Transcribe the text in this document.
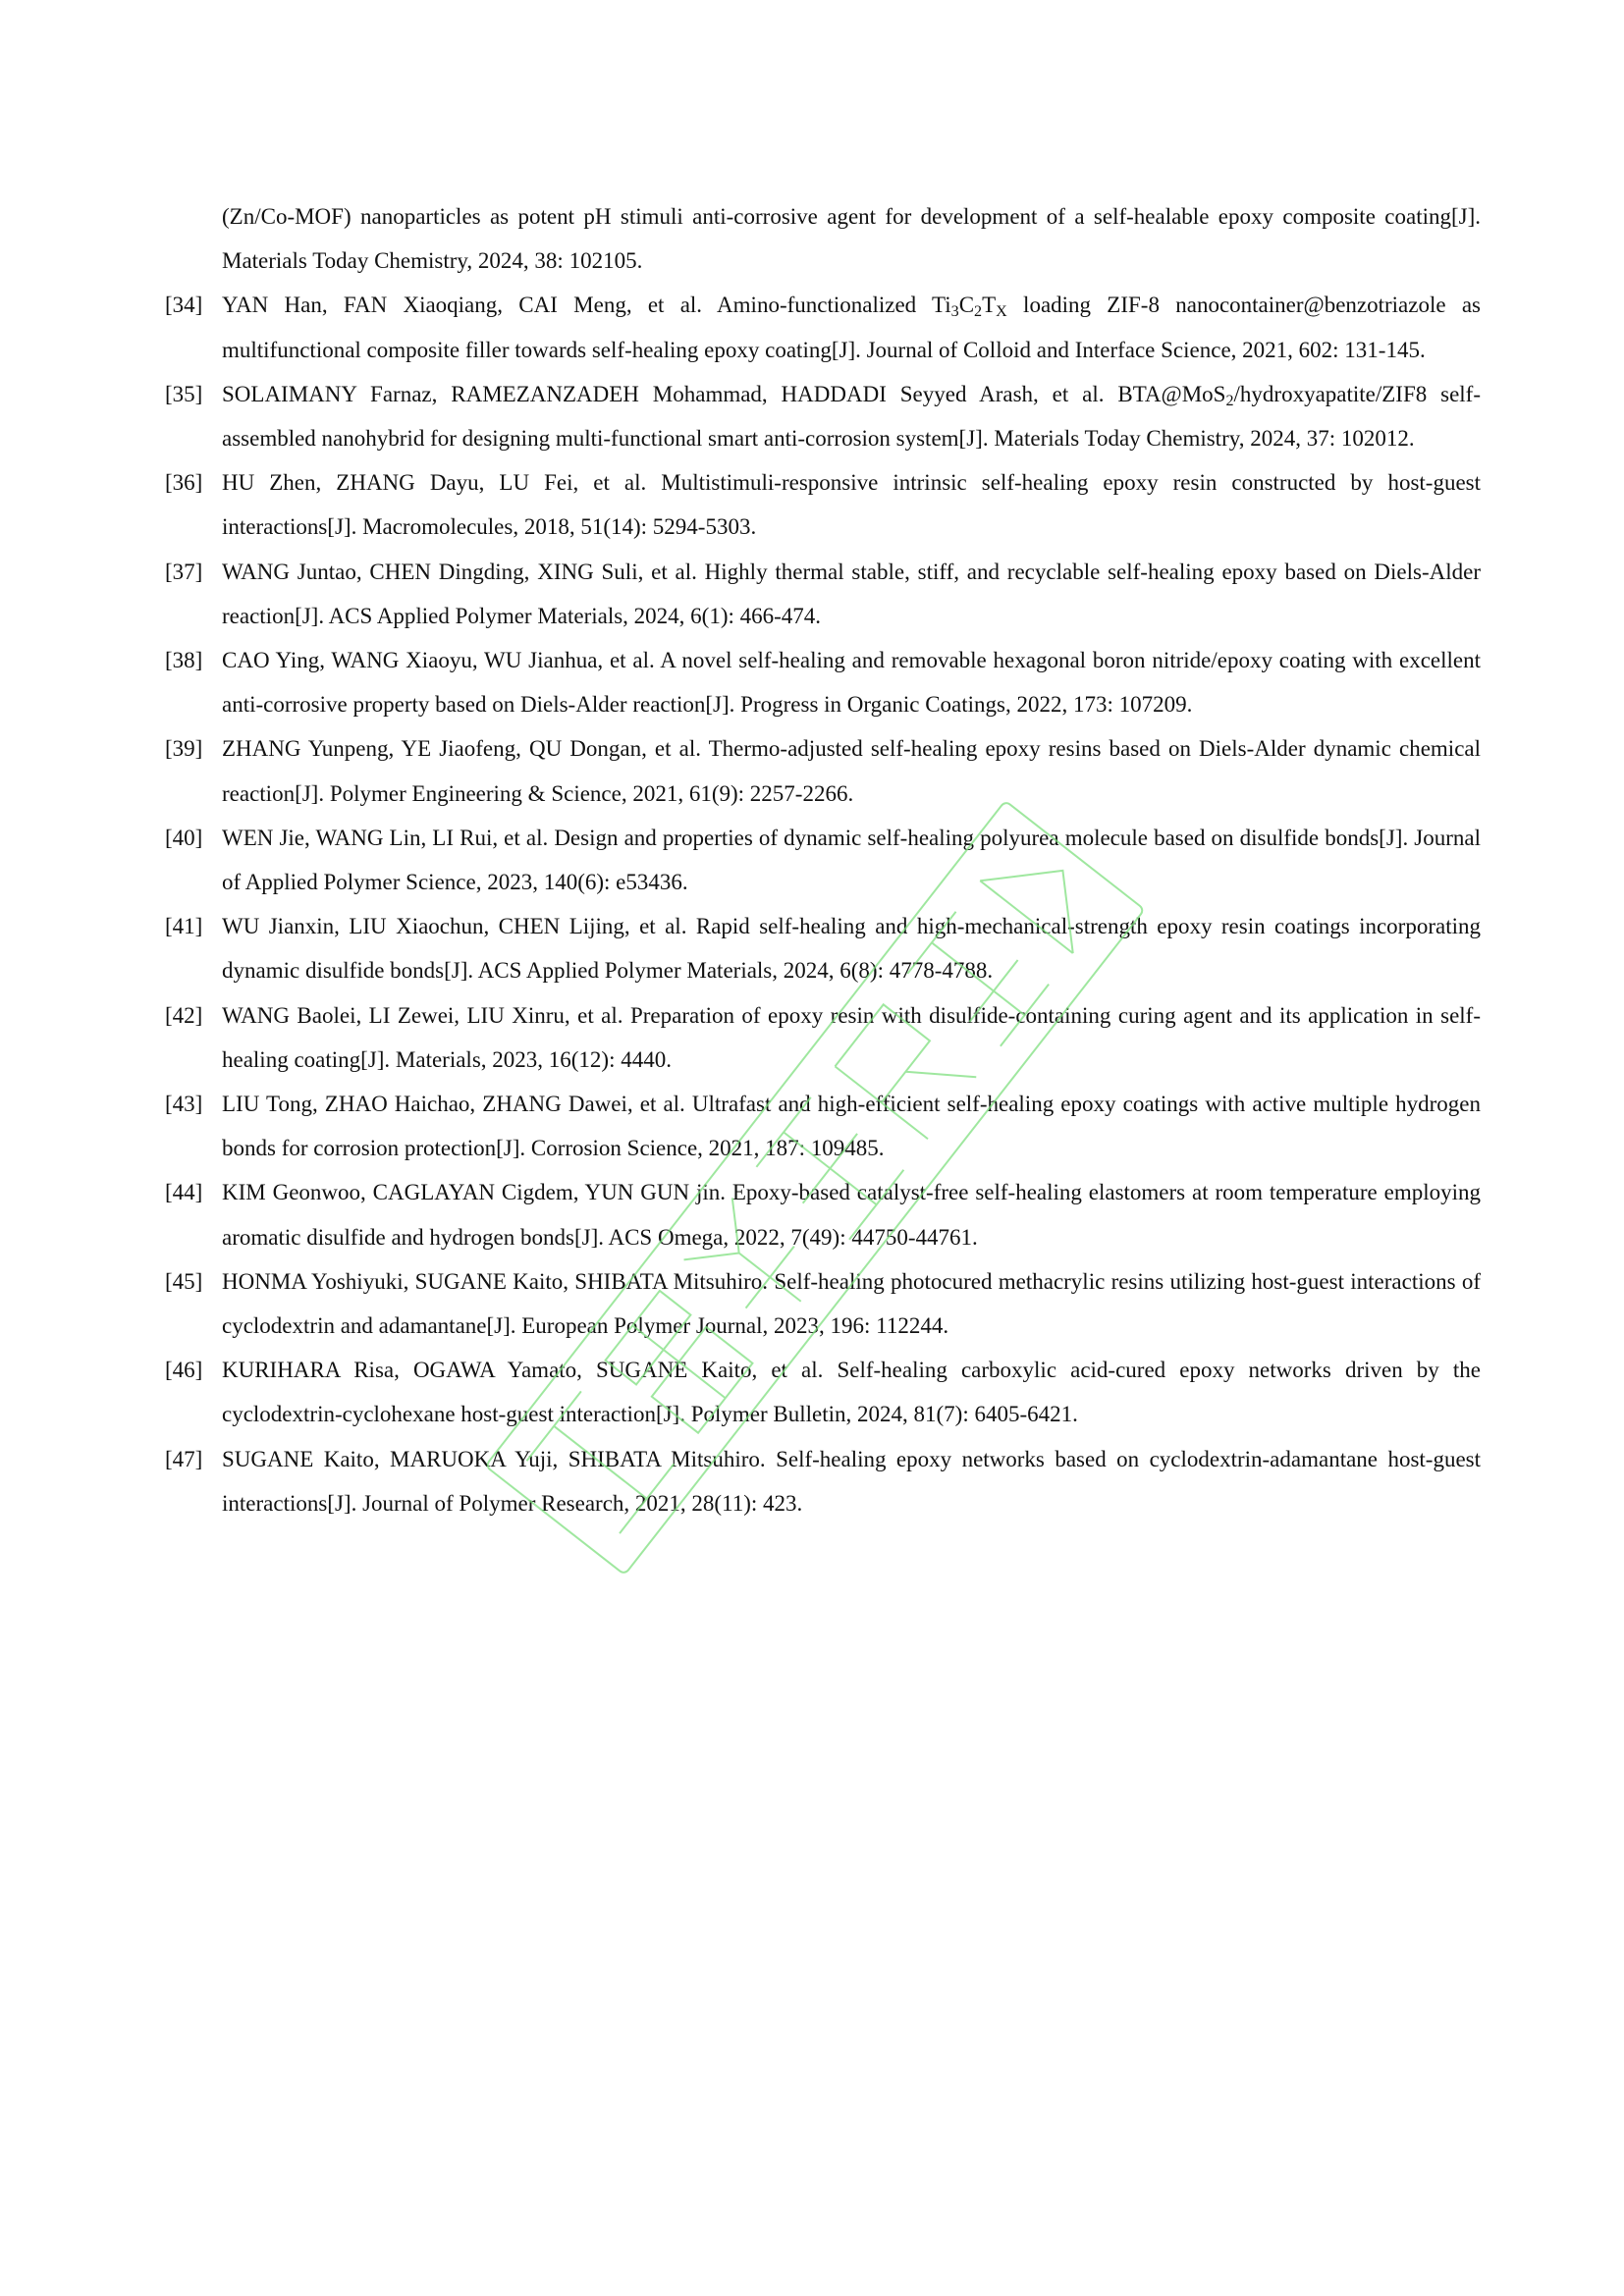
(Zn/Co-MOF) nanoparticles as potent pH stimuli anti-corrosive agent for development of a self-healable epoxy composite coating[J]. Materials Today Chemistry, 2024, 38: 102105.

[34] YAN Han, FAN Xiaoqiang, CAI Meng, et al. Amino-functionalized $Ti_3C_2T_X$ loading ZIF-8 nanocontainer@benzotriazole as multifunctional composite filler towards self-healing epoxy coating[J]. Journal of Colloid and Interface Science, 2021, 602: 131-145.

[35] SOLAIMANY Farnaz, RAMEZANZADEH Mohammad, HADDADI Seyyed Arash, et al. BTA@MoS$_2$/hydroxyapatite/ZIF8 self-assembled nanohybrid for designing multi-functional smart anti-corrosion system[J]. Materials Today Chemistry, 2024, 37: 102012.

[36] HU Zhen, ZHANG Dayu, LU Fei, et al. Multistimuli-responsive intrinsic self-healing epoxy resin constructed by host-guest interactions[J]. Macromolecules, 2018, 51(14): 5294-5303.

[37] WANG Juntao, CHEN Dingding, XING Suli, et al. Highly thermal stable, stiff, and recyclable self-healing epoxy based on Diels-Alder reaction[J]. ACS Applied Polymer Materials, 2024, 6(1): 466-474.

[38] CAO Ying, WANG Xiaoyu, WU Jianhua, et al. A novel self-healing and removable hexagonal boron nitride/epoxy coating with excellent anti-corrosive property based on Diels-Alder reaction[J]. Progress in Organic Coatings, 2022, 173: 107209.

[39] ZHANG Yunpeng, YE Jiaofeng, QU Dongan, et al. Thermo-adjusted self-healing epoxy resins based on Diels-Alder dynamic chemical reaction[J]. Polymer Engineering & Science, 2021, 61(9): 2257-2266.

[40] WEN Jie, WANG Lin, LI Rui, et al. Design and properties of dynamic self-healing polyurea molecule based on disulfide bonds[J]. Journal of Applied Polymer Science, 2023, 140(6): e53436.

[41] WU Jianxin, LIU Xiaochun, CHEN Lijing, et al. Rapid self-healing and high-mechanical-strength epoxy resin coatings incorporating dynamic disulfide bonds[J]. ACS Applied Polymer Materials, 2024, 6(8): 4778-4788.

[42] WANG Baolei, LI Zewei, LIU Xinru, et al. Preparation of epoxy resin with disulfide-containing curing agent and its application in self-healing coating[J]. Materials, 2023, 16(12): 4440.

[43] LIU Tong, ZHAO Haichao, ZHANG Dawei, et al. Ultrafast and high-efficient self-healing epoxy coatings with active multiple hydrogen bonds for corrosion protection[J]. Corrosion Science, 2021, 187: 109485.

[44] KIM Geonwoo, CAGLAYAN Cigdem, YUN GUN jin. Epoxy-based catalyst-free self-healing elastomers at room temperature employing aromatic disulfide and hydrogen bonds[J]. ACS Omega, 2022, 7(49): 44750-44761.

[45] HONMA Yoshiyuki, SUGANE Kaito, SHIBATA Mitsuhiro. Self-healing photocured methacrylic resins utilizing host-guest interactions of cyclodextrin and adamantane[J]. European Polymer Journal, 2023, 196: 112244.

[46] KURIHARA Risa, OGAWA Yamato, SUGANE Kaito, et al. Self-healing carboxylic acid-cured epoxy networks driven by the cyclodextrin-cyclohexane host-guest interaction[J]. Polymer Bulletin, 2024, 81(7): 6405-6421.

[47] SUGANE Kaito, MARUOKA Yuji, SHIBATA Mitsuhiro. Self-healing epoxy networks based on cyclodextrin-adamantane host-guest interactions[J]. Journal of Polymer Research, 2021, 28(11): 423.
